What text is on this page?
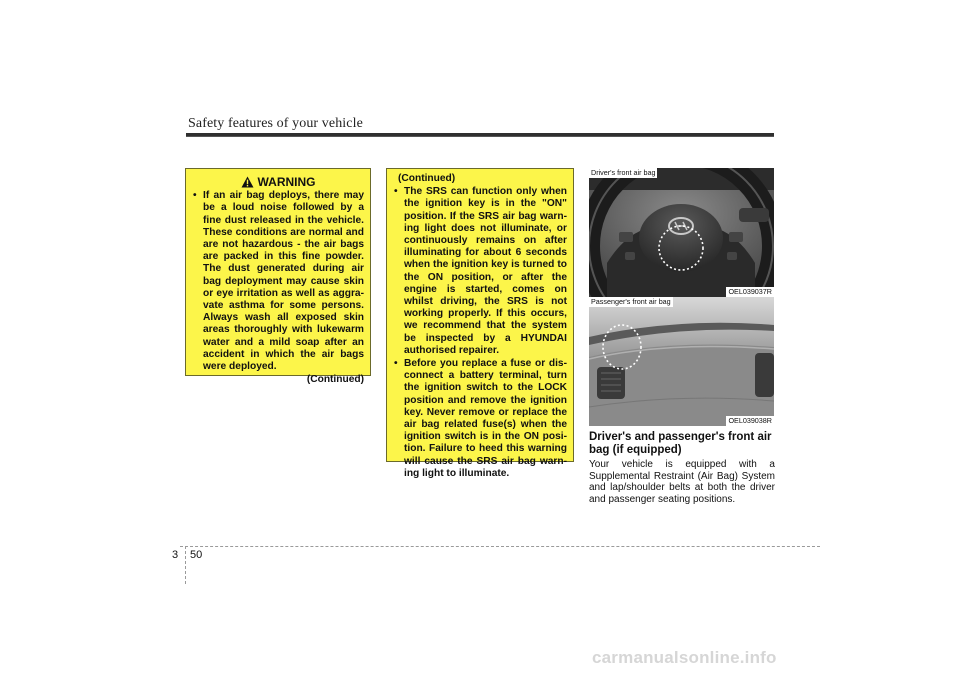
Safety features of your vehicle
WARNING
• If an air bag deploys, there may be a loud noise followed by a fine dust released in the vehicle. These conditions are normal and are not hazardous - the air bags are packed in this fine powder. The dust generated during air bag deployment may cause skin or eye irritation as well as aggra-vate asthma for some persons. Always wash all exposed skin areas thoroughly with lukewarm water and a mild soap after an accident in which the air bags were deployed.
(Continued)
(Continued)
• The SRS can function only when the ignition key is in the "ON" position. If the SRS air bag warn-ing light does not illuminate, or continuously remains on after illuminating for about 6 seconds when the ignition key is turned to the ON position, or after the engine is started, comes on whilst driving, the SRS is not working properly. If this occurs, we recommend that the system be inspected by a HYUNDAI authorised repairer.
• Before you replace a fuse or dis-connect a battery terminal, turn the ignition switch to the LOCK position and remove the ignition key. Never remove or replace the air bag related fuse(s) when the ignition switch is in the ON posi-tion. Failure to heed this warning will cause the SRS air bag warn-ing light to illuminate.
Driver's front air bag
OEL039037R
Passenger's front air bag
OEL039038R
Driver's and passenger's front air bag (if equipped)
Your vehicle is equipped with a Supplemental Restraint (Air Bag) System and lap/shoulder belts at both the driver and passenger seating positions.
3 50
carmanualsonline.info
